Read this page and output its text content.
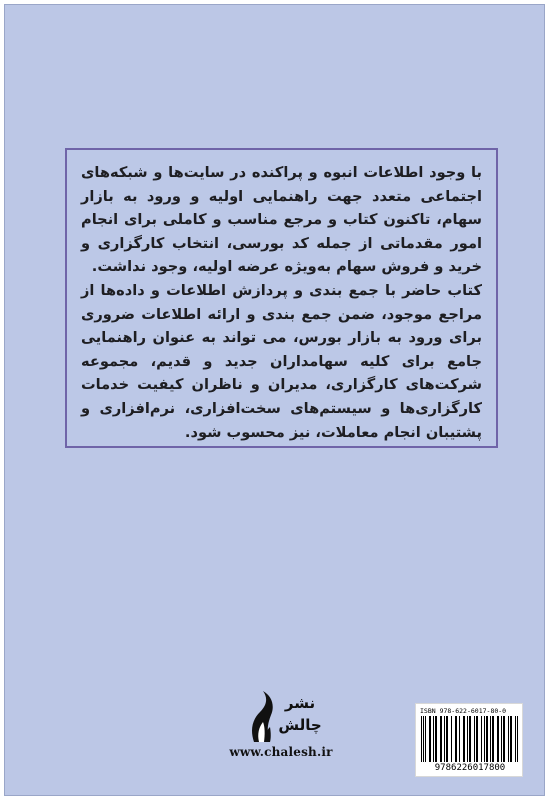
با وجود اطلاعات انبوه و پراکنده در سایت‌ها و شبکه‌های اجتماعی متعدد جهت راهنمایی اولیه و ورود به بازار سهام، تاکنون کتاب و مرجع مناسب و کاملی برای انجام امور مقدماتی از جمله کد بورسی، انتخاب کارگزاری و خرید و فروش سهام به‌ویژه عرضه اولیه، وجود نداشت.

کتاب حاضر با جمع بندی و پردازش اطلاعات و داده‌ها از مراجع موجود، ضمن جمع بندی و ارائه اطلاعات ضروری برای ورود به بازار بورس، می تواند به عنوان راهنمایی جامع برای کلیه سهامداران جدید و قدیم، مجموعه شرکت‌های کارگزاری، مدیران و ناظران کیفیت خدمات کارگزاری‌ها و سیستم‌های سخت‌افزاری، نرم‌افزاری و پشتیبان انجام معاملات، نیز محسوب شود.

نشر
چالش
www.chalesh.ir
ISBN 978-622-6017-80-0
9786226017800
